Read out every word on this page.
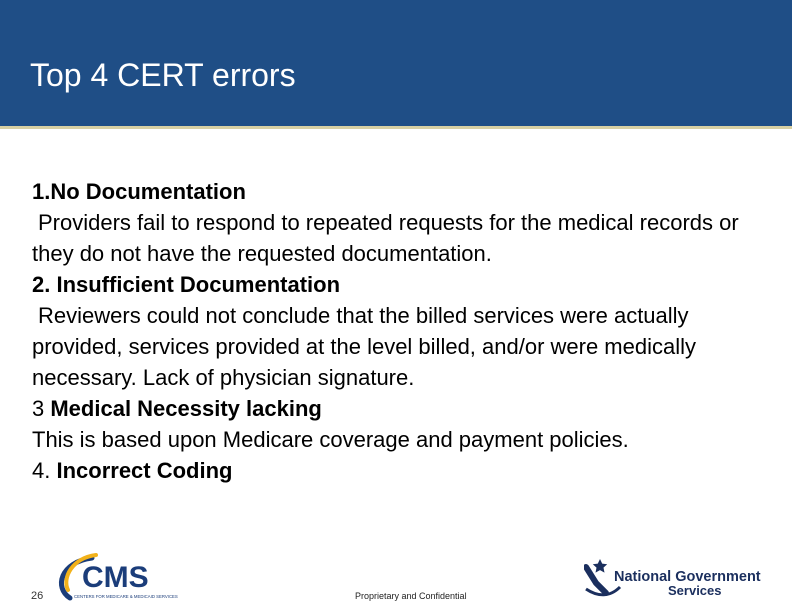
Top 4 CERT errors

1.No Documentation

Providers fail to respond to repeated requests for the medical records or they do not have the requested documentation.

2. Insufficient Documentation

Reviewers could not conclude that the billed services were actually provided, services provided at the level billed, and/or were medically necessary. Lack of physician signature.

3 Medical Necessity lacking

This is based upon Medicare coverage and payment policies.

4. Incorrect Coding

CMS
CENTERS FOR MEDICARE & MEDICAID SERVICES
26	Proprietary and Confidential
National Government
Services
